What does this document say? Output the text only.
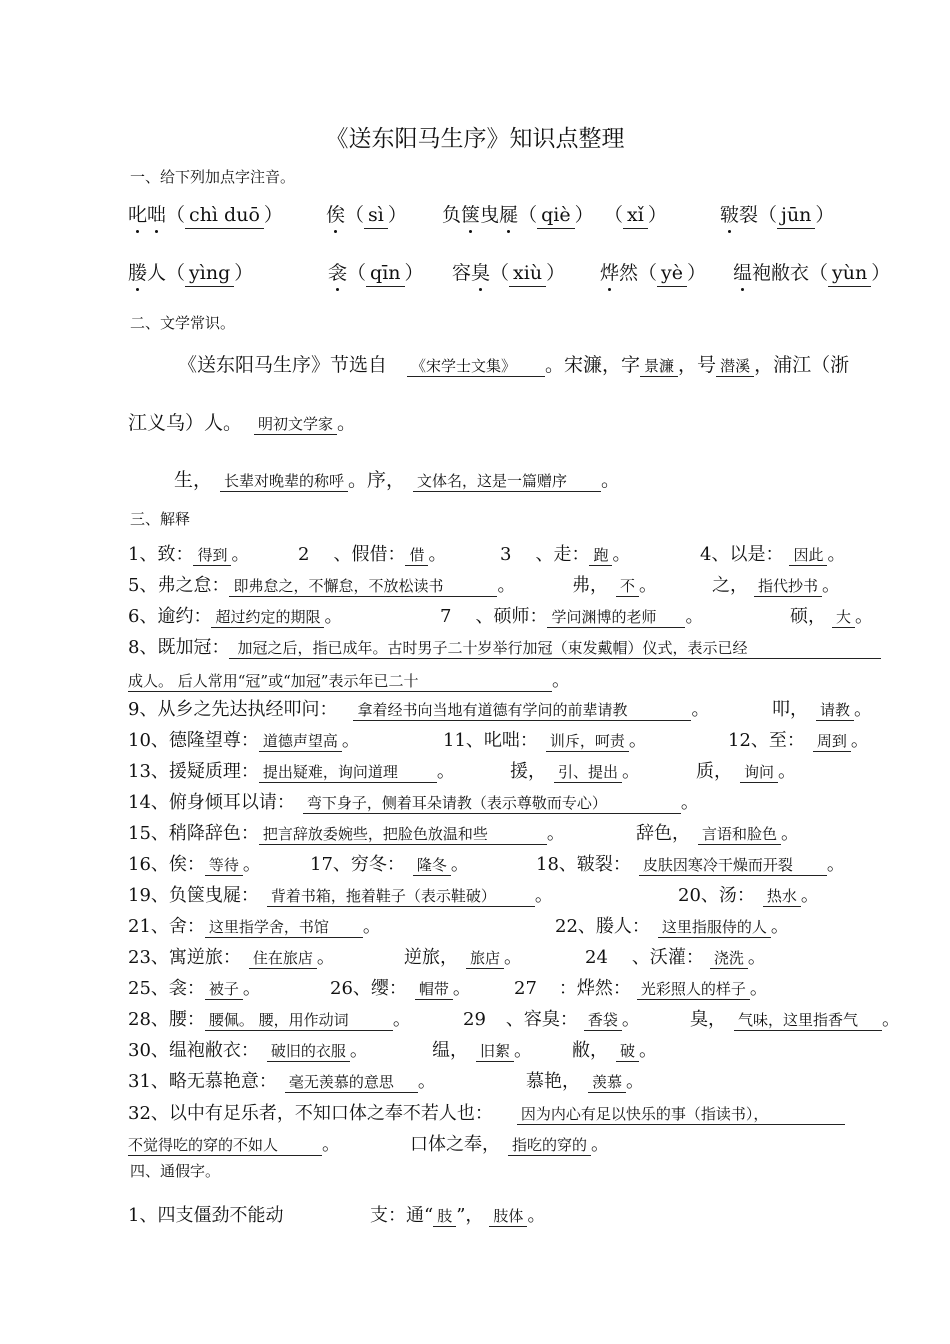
《送东阳马生序》知识点整理
一、给下列加点字注音。
叱咄（ chì duō ） 俟（ sì ） 负箧曳屣（ qiè ） （ xǐ ）	皲裂（ jūn ）
媵人（ yìng ）	衾（ qīn ） 容臭（ xiù ） 烨然（ yè ） 缊袍敝衣（ yùn ）
二、文学常识。
《送东阳马生序》节选自 《宋学士文集》 。宋濂，字 景濂 ，号 潜溪 ，浦江（浙
江义乌）人。 明初文学家 。
生， 长辈对晚辈的称呼 。序， 文体名，这是一篇赠序 。
三、解释
1、致： 得到 。	2 、假借： 借 。	3 、走： 跑 。	4、以是： 因此 。
5、弗之怠： 即弗怠之，不懈怠，不放松读书	。	弗， 不 。	之， 指代抄书 。
6、逾约： 超过约定的期限 。	7 、硕师： 学问渊博的老师 。	硕， 大 。
8、既加冠： 加冠之后，指已成年。古时男子二十岁举行加冠（束发戴帽）仪式，表示已经
成人。 后人常用“冠”或“加冠”表示年已二十	。
9、从乡之先达执经叩问： 拿着经书向当地有道德有学问的前辈请教	。	叩， 请教 。
10、德隆望尊： 道德声望高 。	11、叱咄： 训斥，呵责 。	12、至： 周到 。
13、援疑质理： 提出疑难，询问道理 。	援， 引、提出 。	质， 询问 。
14、俯身倾耳以请： 弯下身子，侧着耳朵请教（表示尊敬而专心）	。
15、稍降辞色： 把言辞放委婉些，把脸色放温和些	。	辞色， 言语和脸色 。
16、俟： 等待 。	17、穷冬： 隆冬 。	18、皲裂： 皮肤因寒冷干燥而开裂 。
19、负箧曳屣： 背着书箱，拖着鞋子（表示鞋破） 。	20、汤： 热水 。
21、舍： 这里指学舍，书馆 。	22、媵人： 这里指服侍的人 。
23、寓逆旅： 住在旅店 。	逆旅， 旅店 。	24 、沃灌： 浇洗 。
25、衾： 被子 。	26、缨： 帽带 。 27 ：烨然： 光彩照人的样子 。
28、腰： 腰佩。 腰，用作动词 。	29 、容臭： 香袋 。	臭， 气味，这里指香气 。
30、缊袍敝衣： 破旧的衣服 。	缊， 旧絮 。 敝， 破 。
31、略无慕艳意： 毫无羡慕的意思 。	慕艳， 羡慕 。
32、以中有足乐者，不知口体之奉不若人也： 因为内心有足以快乐的事（指读书），
不觉得吃的穿的不如人 。	口体之奉， 指吃的穿的 。
四、通假字。
1、四支僵劲不能动	支：通“ 肢 ”， 肢体 。
